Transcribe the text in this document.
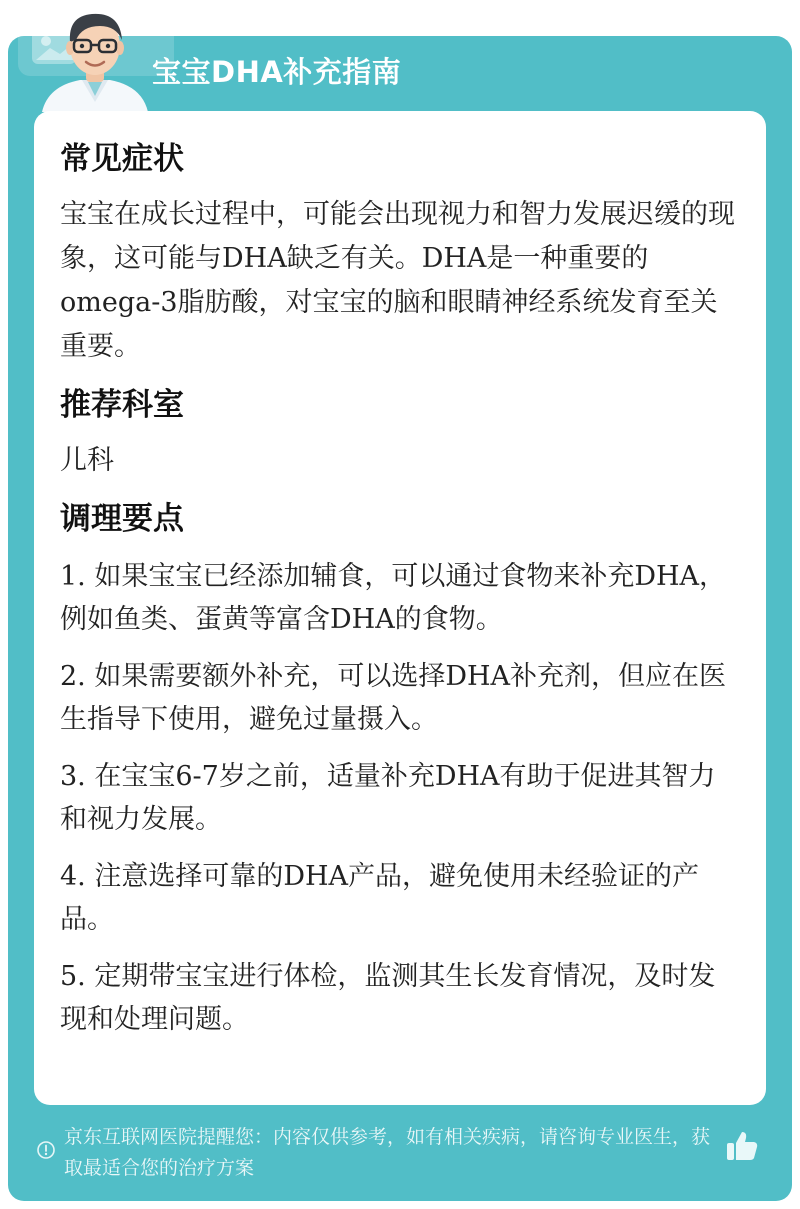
宝宝DHA补充指南
常见症状

宝宝在成长过程中，可能会出现视力和智力发展迟缓的现象，这可能与DHA缺乏有关。DHA是一种重要的omega-3脂肪酸，对宝宝的脑和眼睛神经系统发育至关重要。

推荐科室

儿科

调理要点
1. 如果宝宝已经添加辅食，可以通过食物来补充DHA，例如鱼类、蛋黄等富含DHA的食物。
2. 如果需要额外补充，可以选择DHA补充剂，但应在医生指导下使用，避免过量摄入。
3. 在宝宝6-7岁之前，适量补充DHA有助于促进其智力和视力发展。
4. 注意选择可靠的DHA产品，避免使用未经验证的产品。
5. 定期带宝宝进行体检，监测其生长发育情况，及时发现和处理问题。

京东互联网医院提醒您：内容仅供参考，如有相关疾病，请咨询专业医生，获取最适合您的治疗方案
